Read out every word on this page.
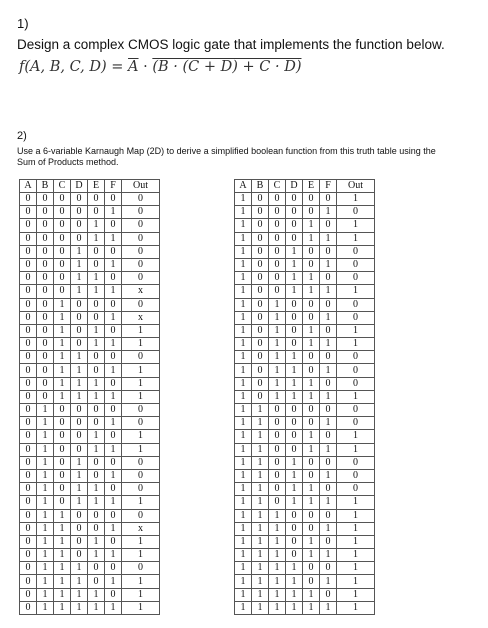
1)
Design a complex CMOS logic gate that implements the function below.
f(A, B, C, $D) = \overline{A} \cdot (B \cdot (C + D) + C \cdot D)$
2)
Use a 6-variable Karnaugh Map (2D) to derive a simplified boolean function from this truth table using the Sum of Products method.
A	B	C	D	E	F	Out
0	0	0	0	0	0	0
0	0	0	0	0	1	0
0	0	0	0	1	0	0
0	0	0	0	1	1	0
0	0	0	1	0	0	0
0	0	0	1	0	1	0
0	0	0	1	1	0	0
0	0	0	1	1	1	x
0	0	1	0	0	0	0
0	0	1	0	0	1	x
0	0	1	0	1	0	1
0	0	1	0	1	1	1
0	0	1	1	0	0	0
0	0	1	1	0	1	1
0	0	1	1	1	0	1
0	0	1	1	1	1	1
0	1	0	0	0	0	0
0	1	0	0	0	1	0
0	1	0	0	1	0	1
0	1	0	0	1	1	1
0	1	0	1	0	0	0
0	1	0	1	0	1	0
0	1	0	1	1	0	0
0	1	0	1	1	1	1
0	1	1	0	0	0	0
0	1	1	0	0	1	x
0	1	1	0	1	0	1
0	1	1	0	1	1	1
0	1	1	1	0	0	0
0	1	1	1	0	1	1
0	1	1	1	1	0	1
0	1	1	1	1	1	1
A	B	C	D	E	F	Out
1	0	0	0	0	0	1
1	0	0	0	0	1	0
1	0	0	0	1	0	1
1	0	0	0	1	1	1
1	0	0	1	0	0	0
1	0	0	1	0	1	0
1	0	0	1	1	0	0
1	0	0	1	1	1	1
1	0	1	0	0	0	0
1	0	1	0	0	1	0
1	0	1	0	1	0	1
1	0	1	0	1	1	1
1	0	1	1	0	0	0
1	0	1	1	0	1	0
1	0	1	1	1	0	0
1	0	1	1	1	1	1
1	1	0	0	0	0	0
1	1	0	0	0	1	0
1	1	0	0	1	0	1
1	1	0	0	1	1	1
1	1	0	1	0	0	0
1	1	0	1	0	1	0
1	1	0	1	1	0	0
1	1	0	1	1	1	1
1	1	1	0	0	0	1
1	1	1	0	0	1	1
1	1	1	0	1	0	1
1	1	1	0	1	1	1
1	1	1	1	0	0	1
1	1	1	1	0	1	1
1	1	1	1	1	0	1
1	1	1	1	1	1	1
